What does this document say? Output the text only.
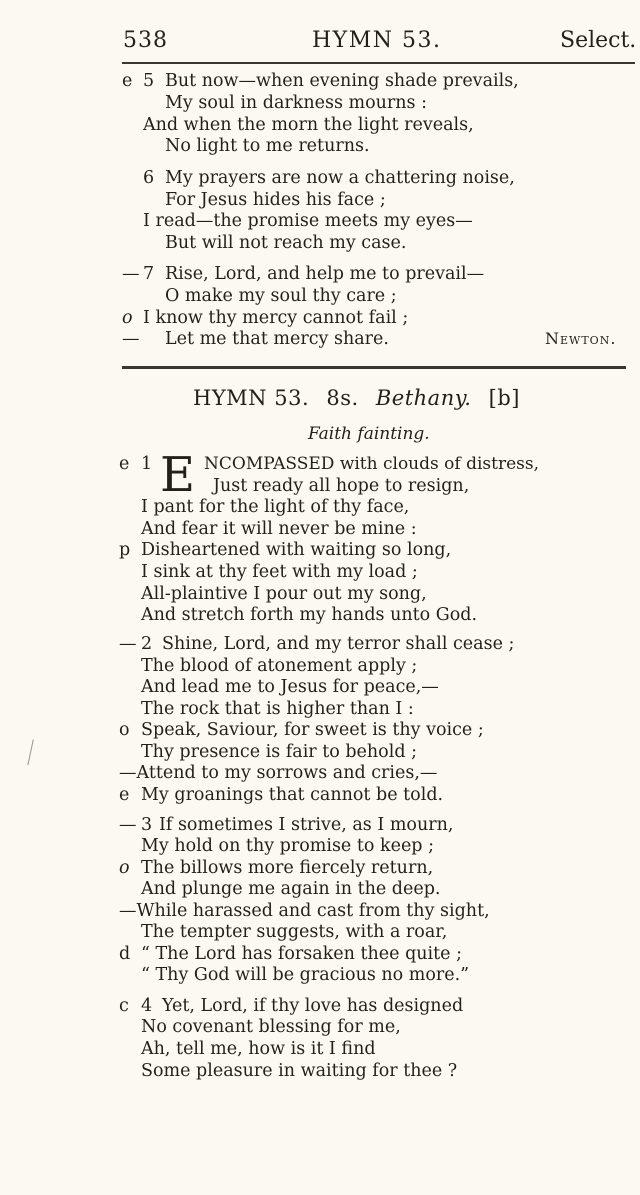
538	HYMN 53.	Select.
e 5 But now—when evening shade prevails,
My soul in darkness mourns :
And when the morn the light reveals,
No light to me returns.
6 My prayers are now a chattering noise,
For Jesus hides his face ;
I read—the promise meets my eyes—
But will not reach my case.
— 7 Rise, Lord, and help me to prevail—
O make my soul thy care ;
o I know thy mercy cannot fail ;
— Let me that mercy share.	Newton.
HYMN 53. 8s. Bethany. [b]
Faith fainting.
e 1 E NCOMPASSED with clouds of distress,
Just ready all hope to resign,
I pant for the light of thy face,
And fear it will never be mine :
p Disheartened with waiting so long,
I sink at thy feet with my load ;
All-plaintive I pour out my song,
And stretch forth my hands unto God.
— 2 Shine, Lord, and my terror shall cease ;
The blood of atonement apply ;
And lead me to Jesus for peace,—
The rock that is higher than I :
o Speak, Saviour, for sweet is thy voice ;
Thy presence is fair to behold ;
—Attend to my sorrows and cries,—
e My groanings that cannot be told.
— 3 If sometimes I strive, as I mourn,
My hold on thy promise to keep ;
o The billows more fiercely return,
And plunge me again in the deep.
—While harassed and cast from thy sight,
The tempter suggests, with a roar,
d “ The Lord has forsaken thee quite ;
“ Thy God will be gracious no more.”
c 4 Yet, Lord, if thy love has designed
No covenant blessing for me,
Ah, tell me, how is it I find
Some pleasure in waiting for thee ?
